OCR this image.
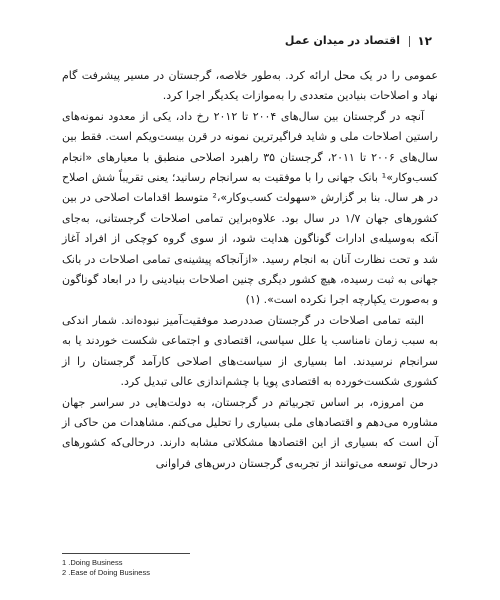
اقتصاد در میدان عمل ۱۲

عمومی را در یک محل ارائه کرد. به‌طور خلاصه، گرجستان در مسیر پیشرفت گام نهاد و اصلاحات بنیادین متعددی را به‌موازات یکدیگر اجرا کرد.

آنچه در گرجستان بین سال‌های ۲۰۰۴ تا ۲۰۱۲ رخ داد، یکی از معدود نمونه‌های راستین اصلاحات ملی و شاید فراگیرترین نمونه در قرن بیست‌ویکم است. فقط بین سال‌های ۲۰۰۶ تا ۲۰۱۱، گرجستان ۳۵ راهبرد اصلاحی منطبق با معیارهای «انجام کسب‌وکار»¹ بانک جهانی را با موفقیت به سرانجام رسانید؛ یعنی تقریباً شش اصلاح در هر سال. بنا بر گزارش «سهولت کسب‌وکار»،² متوسط اقدامات اصلاحی در بین کشورهای جهان ۱/۷ در سال بود. علاوه‌براین تمامی اصلاحات گرجستانی، به‌جای آنکه به‌وسیله‌ی ادارات گوناگون هدایت شود، از سوی گروه کوچکی از افراد آغاز شد و تحت نظارت آنان به انجام رسید. «ازآنجاکه پیشینه‌ی تمامی اصلاحات در بانک جهانی به ثبت رسیده، هیچ کشور دیگری چنین اصلاحات بنیادینی را در ابعاد گوناگون و به‌صورت یکپارچه اجرا نکرده است». (۱)

البته تمامی اصلاحات در گرجستان صددرصد موفقیت‌آمیز نبوده‌اند. شمار اندکی به سبب زمان نامناسب یا علل سیاسی، اقتصادی و اجتماعی شکست خوردند یا به سرانجام نرسیدند. اما بسیاری از سیاست‌های اصلاحی کارآمد گرجستان را از کشوری شکست‌خورده به اقتصادی پویا با چشم‌اندازی عالی تبدیل کرد.

من امروزه، بر اساس تجربیاتم در گرجستان، به دولت‌هایی در سراسر جهان مشاوره می‌دهم و اقتصادهای ملی بسیاری را تحلیل می‌کنم. مشاهدات من حاکی از آن است که بسیاری از این اقتصادها مشکلاتی مشابه دارند. درحالی‌که کشورهای درحال توسعه می‌توانند از تجربه‌ی گرجستان درس‌های فراوانی

1 .Doing Business
2 .Ease of Doing Business
